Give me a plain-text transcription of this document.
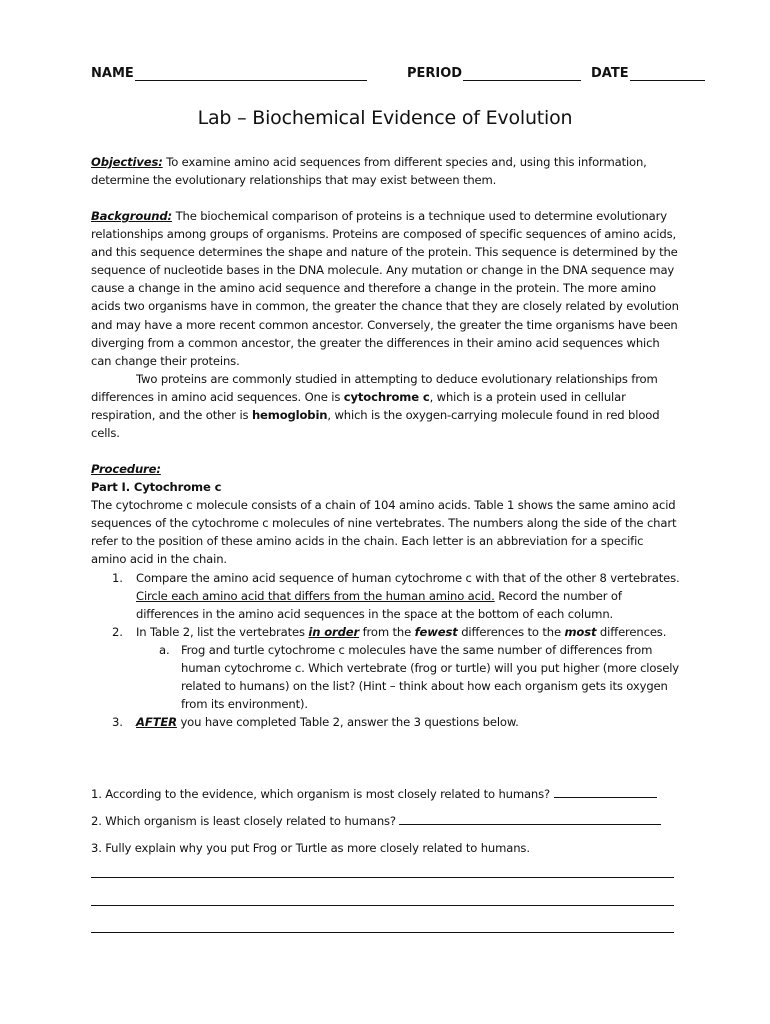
NAME	PERIOD	DATE
Lab – Biochemical Evidence of Evolution

Objectives: To examine amino acid sequences from different species and, using this information, determine the evolutionary relationships that may exist between them.

Background: The biochemical comparison of proteins is a technique used to determine evolutionary relationships among groups of organisms. Proteins are composed of specific sequences of amino acids, and this sequence determines the shape and nature of the protein. This sequence is determined by the sequence of nucleotide bases in the DNA molecule. Any mutation or change in the DNA sequence may cause a change in the amino acid sequence and therefore a change in the protein. The more amino acids two organisms have in common, the greater the chance that they are closely related by evolution and may have a more recent common ancestor. Conversely, the greater the time organisms have been diverging from a common ancestor, the greater the differences in their amino acid sequences which can change their proteins.

Two proteins are commonly studied in attempting to deduce evolutionary relationships from differences in amino acid sequences. One is cytochrome c, which is a protein used in cellular respiration, and the other is hemoglobin, which is the oxygen-carrying molecule found in red blood cells.

Procedure:

Part I. Cytochrome c

The cytochrome c molecule consists of a chain of 104 amino acids. Table 1 shows the same amino acid sequences of the cytochrome c molecules of nine vertebrates. The numbers along the side of the chart refer to the position of these amino acids in the chain. Each letter is an abbreviation for a specific amino acid in the chain.

1. Compare the amino acid sequence of human cytochrome c with that of the other 8 vertebrates. Circle each amino acid that differs from the human amino acid. Record the number of differences in the amino acid sequences in the space at the bottom of each column.
2. In Table 2, list the vertebrates in order from the fewest differences to the most differences.
a. Frog and turtle cytochrome c molecules have the same number of differences from human cytochrome c. Which vertebrate (frog or turtle) will you put higher (more closely related to humans) on the list? (Hint – think about how each organism gets its oxygen from its environment).
3. AFTER you have completed Table 2, answer the 3 questions below.
1. According to the evidence, which organism is most closely related to humans?
2. Which organism is least closely related to humans?
3. Fully explain why you put Frog or Turtle as more closely related to humans.
